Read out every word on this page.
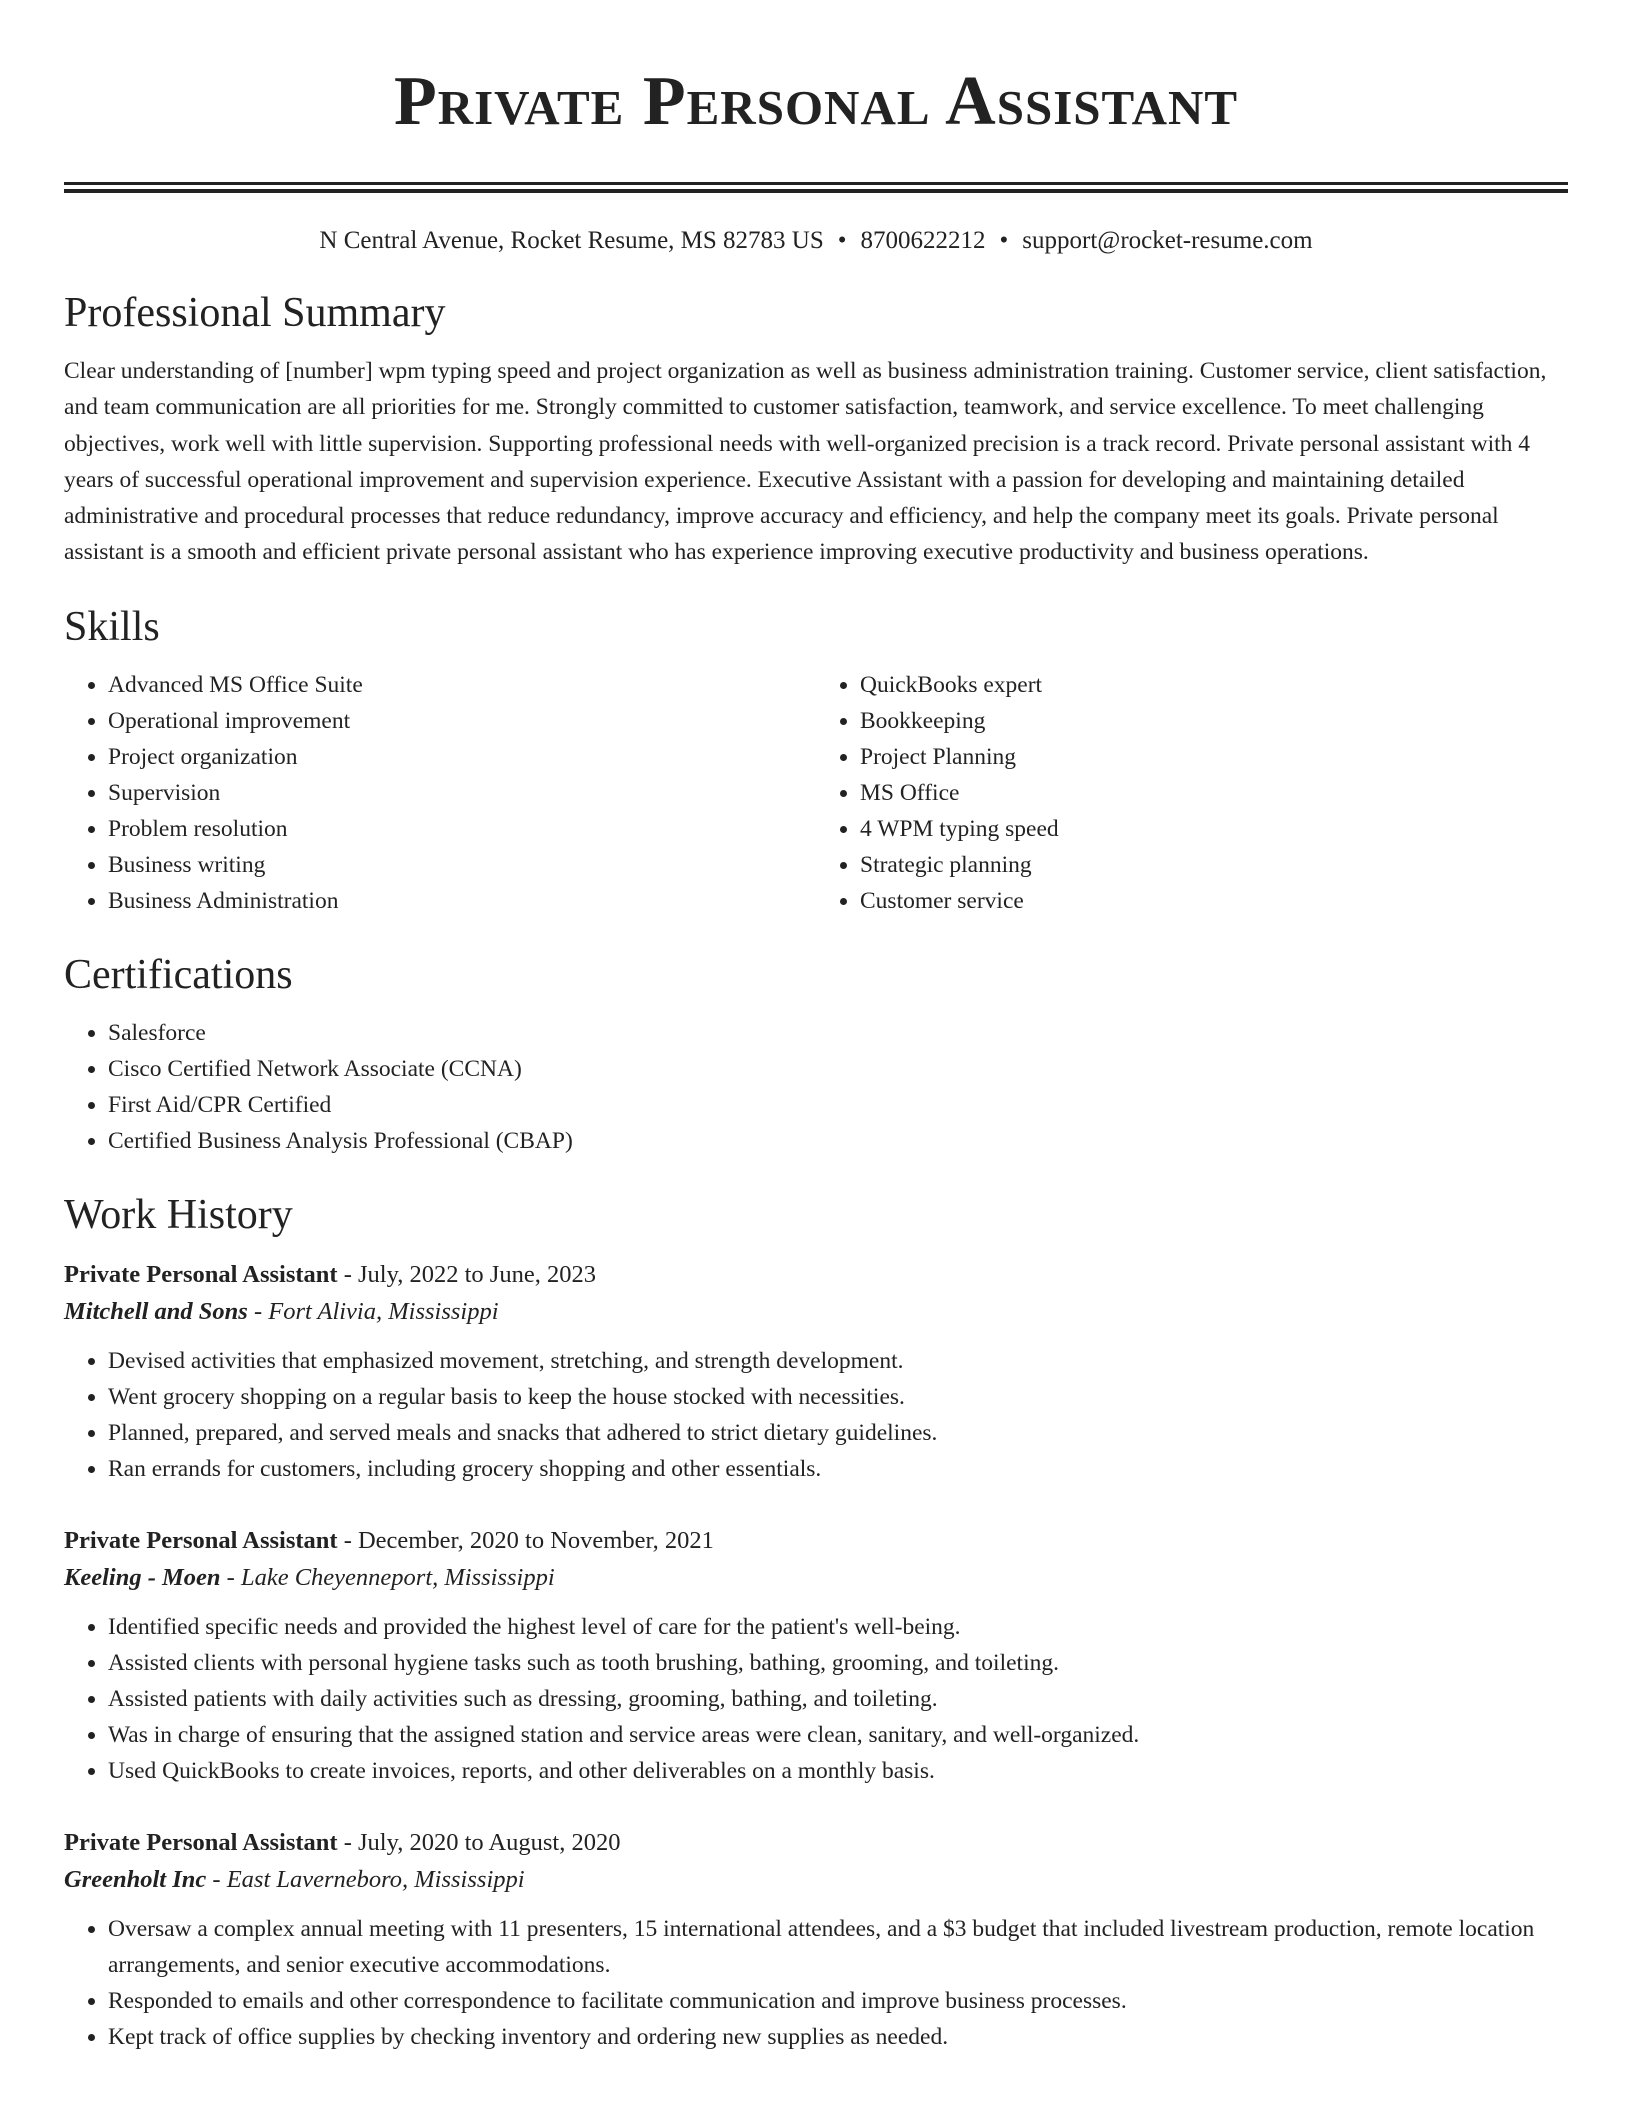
Private Personal Assistant
N Central Avenue, Rocket Resume, MS 82783 US • 8700622212 • support@rocket-resume.com
Professional Summary
Clear understanding of [number] wpm typing speed and project organization as well as business administration training. Customer service, client satisfaction, and team communication are all priorities for me. Strongly committed to customer satisfaction, teamwork, and service excellence. To meet challenging objectives, work well with little supervision. Supporting professional needs with well-organized precision is a track record. Private personal assistant with 4 years of successful operational improvement and supervision experience. Executive Assistant with a passion for developing and maintaining detailed administrative and procedural processes that reduce redundancy, improve accuracy and efficiency, and help the company meet its goals. Private personal assistant is a smooth and efficient private personal assistant who has experience improving executive productivity and business operations.
Skills
• Advanced MS Office Suite
• Operational improvement
• Project organization
• Supervision
• Problem resolution
• Business writing
• Business Administration
• QuickBooks expert
• Bookkeeping
• Project Planning
• MS Office
• 4 WPM typing speed
• Strategic planning
• Customer service
Certifications
• Salesforce
• Cisco Certified Network Associate (CCNA)
• First Aid/CPR Certified
• Certified Business Analysis Professional (CBAP)
Work History
Private Personal Assistant - July, 2022 to June, 2023
Mitchell and Sons - Fort Alivia, Mississippi
• Devised activities that emphasized movement, stretching, and strength development.
• Went grocery shopping on a regular basis to keep the house stocked with necessities.
• Planned, prepared, and served meals and snacks that adhered to strict dietary guidelines.
• Ran errands for customers, including grocery shopping and other essentials.
Private Personal Assistant - December, 2020 to November, 2021
Keeling - Moen - Lake Cheyenneport, Mississippi
• Identified specific needs and provided the highest level of care for the patient's well-being.
• Assisted clients with personal hygiene tasks such as tooth brushing, bathing, grooming, and toileting.
• Assisted patients with daily activities such as dressing, grooming, bathing, and toileting.
• Was in charge of ensuring that the assigned station and service areas were clean, sanitary, and well-organized.
• Used QuickBooks to create invoices, reports, and other deliverables on a monthly basis.
Private Personal Assistant - July, 2020 to August, 2020
Greenholt Inc - East Laverneboro, Mississippi
• Oversaw a complex annual meeting with 11 presenters, 15 international attendees, and a $3 budget that included livestream production, remote location arrangements, and senior executive accommodations.
• Responded to emails and other correspondence to facilitate communication and improve business processes.
• Kept track of office supplies by checking inventory and ordering new supplies as needed.
